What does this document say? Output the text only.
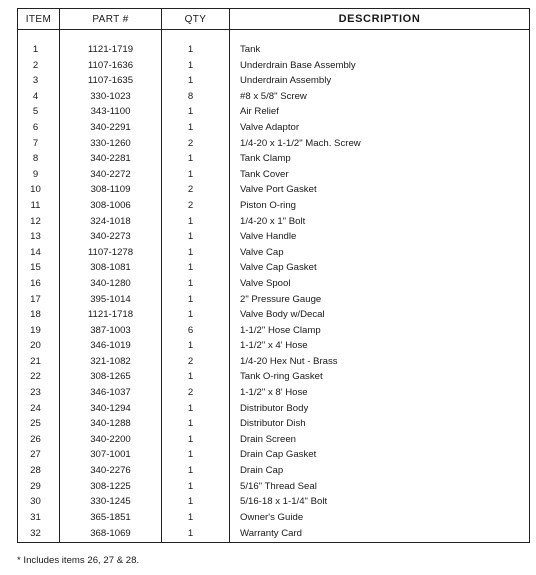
ITEM	PART #	QTY	DESCRIPTION

1	1121-1719	1	Tank
2	1107-1636	1	Underdrain Base Assembly
3	1107-1635	1	Underdrain Assembly
4	330-1023	8	#8 x 5/8" Screw
5	343-1100	1	Air Relief
6	340-2291	1	Valve Adaptor
7	330-1260	2	1/4-20 x 1-1/2" Mach. Screw
8	340-2281	1	Tank Clamp
9	340-2272	1	Tank Cover
10	308-1109	2	Valve Port Gasket
11	308-1006	2	Piston O-ring
12	324-1018	1	1/4-20 x 1" Bolt
13	340-2273	1	Valve Handle
14	1107-1278	1	Valve Cap
15	308-1081	1	Valve Cap Gasket
16	340-1280	1	Valve Spool
17	395-1014	1	2" Pressure Gauge
18	1121-1718	1	Valve Body w/Decal
19	387-1003	6	1-1/2" Hose Clamp
20	346-1019	1	1-1/2" x 4' Hose
21	321-1082	2	1/4-20 Hex Nut - Brass
22	308-1265	1	Tank O-ring Gasket
23	346-1037	2	1-1/2" x 8' Hose
24	340-1294	1	Distributor Body
25	340-1288	1	Distributor Dish
26	340-2200	1	Drain Screen
27	307-1001	1	Drain Cap Gasket
28	340-2276	1	Drain Cap
29	308-1225	1	5/16" Thread Seal
30	330-1245	1	5/16-18 x 1-1/4" Bolt
31	365-1851	1	Owner's Guide
32	368-1069	1	Warranty Card

* Includes items 26, 27 & 28.
